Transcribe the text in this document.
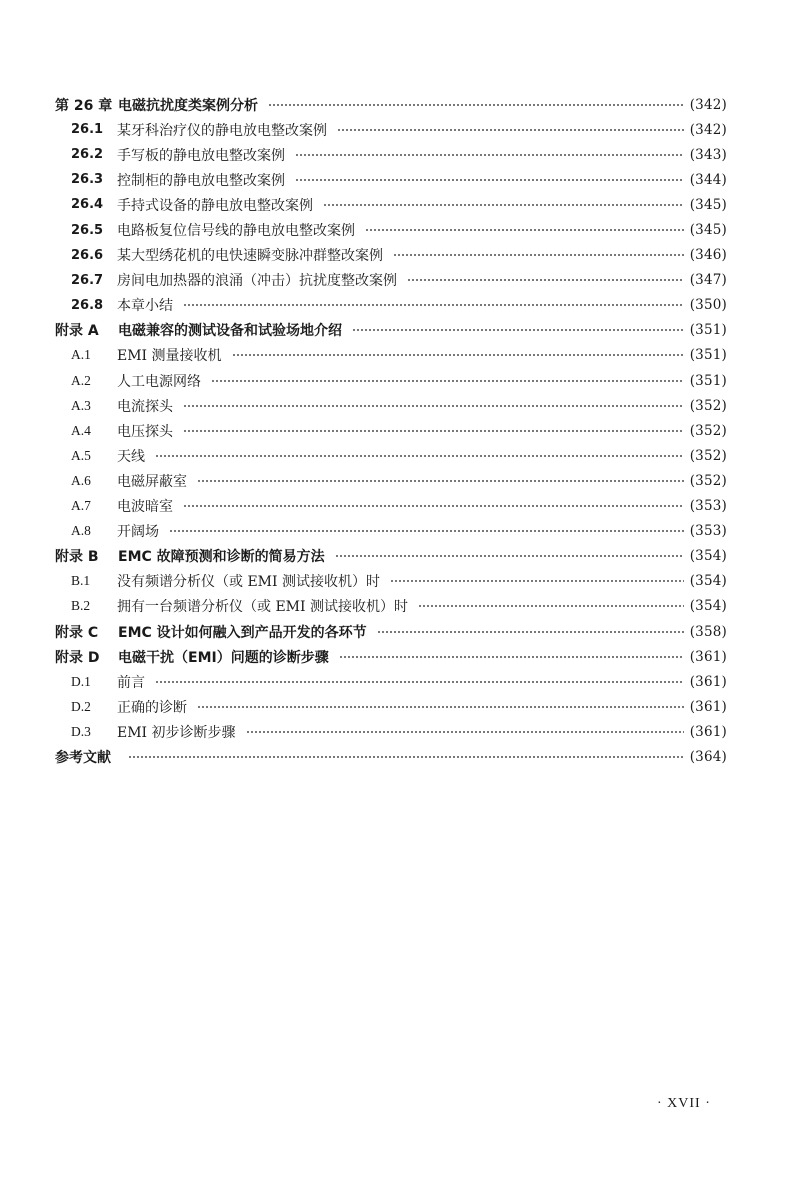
第 26 章 电磁抗扰度类案例分析	(342)
26.1 某牙科治疗仪的静电放电整改案例	(342)
26.2 手写板的静电放电整改案例	(343)
26.3 控制柜的静电放电整改案例	(344)
26.4 手持式设备的静电放电整改案例	(345)
26.5 电路板复位信号线的静电放电整改案例	(345)
26.6 某大型绣花机的电快速瞬变脉冲群整改案例	(346)
26.7 房间电加热器的浪涌（冲击）抗扰度整改案例	(347)
26.8 本章小结	(350)
附录 A	电磁兼容的测试设备和试验场地介绍	(351)
A.1	EMI 测量接收机	(351)
A.2	人工电源网络	(351)
A.3	电流探头	(352)
A.4	电压探头	(352)
A.5	天线	(352)
A.6	电磁屏蔽室	(352)
A.7	电波暗室	(353)
A.8	开阔场	(353)
附录 B	EMC 故障预测和诊断的简易方法	(354)
B.1	没有频谱分析仪（或 EMI 测试接收机）时	(354)
B.2	拥有一台频谱分析仪（或 EMI 测试接收机）时	(354)
附录 C	EMC 设计如何融入到产品开发的各环节	(358)
附录 D	电磁干扰（EMI）问题的诊断步骤	(361)
D.1	前言	(361)
D.2	正确的诊断	(361)
D.3	EMI 初步诊断步骤	(361)
参考文献	(364)
· XVII ·
